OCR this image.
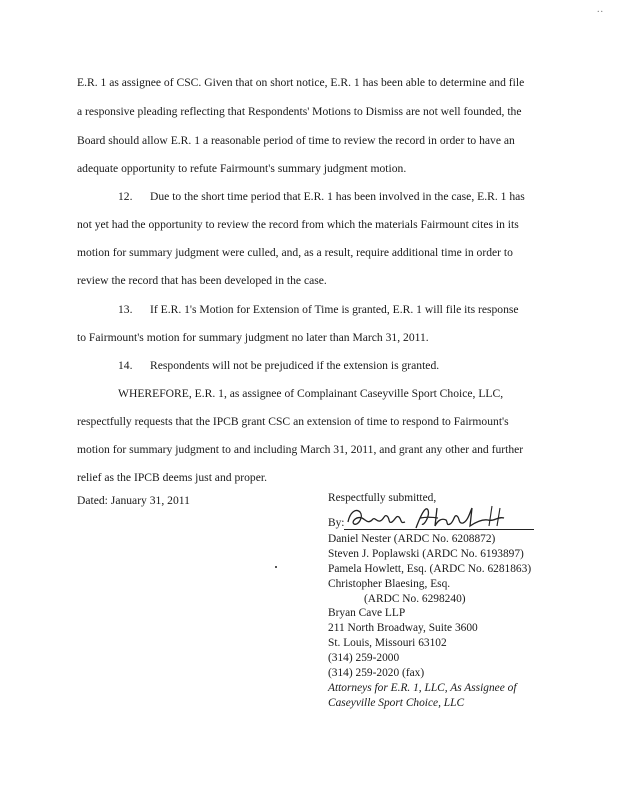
..
E.R. 1 as assignee of CSC. Given that on short notice, E.R. 1 has been able to determine and file
a responsive pleading reflecting that Respondents' Motions to Dismiss are not well founded, the
Board should allow E.R. 1 a reasonable period of time to review the record in order to have an
adequate opportunity to refute Fairmount's summary judgment motion.
12. Due to the short time period that E.R. 1 has been involved in the case, E.R. 1 has
not yet had the opportunity to review the record from which the materials Fairmount cites in its
motion for summary judgment were culled, and, as a result, require additional time in order to
review the record that has been developed in the case.
13. If E.R. 1's Motion for Extension of Time is granted, E.R. 1 will file its response
to Fairmount's motion for summary judgment no later than March 31, 2011.
14. Respondents will not be prejudiced if the extension is granted.
WHEREFORE, E.R. 1, as assignee of Complainant Caseyville Sport Choice, LLC,
respectfully requests that the IPCB grant CSC an extension of time to respond to Fairmount's
motion for summary judgment to and including March 31, 2011, and grant any other and further
relief as the IPCB deems just and proper.
Dated: January 31, 2011	Respectfully submitted,
By:
Daniel Nester (ARDC No. 6208872)
Steven J. Poplawski (ARDC No. 6193897)
Pamela Howlett, Esq. (ARDC No. 6281863)
Christopher Blaesing, Esq.
(ARDC No. 6298240)
Bryan Cave LLP
211 North Broadway, Suite 3600
St. Louis, Missouri 63102
(314) 259-2000
(314) 259-2020 (fax)
Attorneys for E.R. 1, LLC, As Assignee of
Caseyville Sport Choice, LLC
